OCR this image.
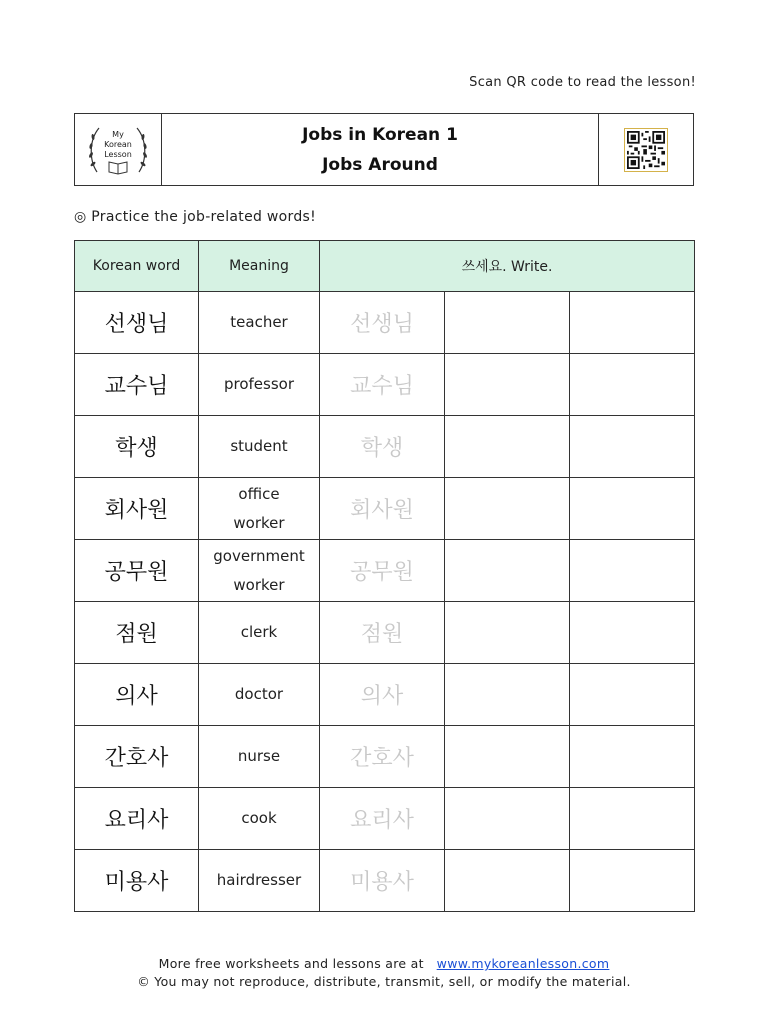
Scan QR code to read the lesson!
My
Korean
Lesson
Jobs in Korean 1
Jobs Around
◎ Practice the job-related words!
Korean word	Meaning	쓰세요. Write.		
선생님	teacher	선생님		
교수님	professor	교수님		
학생	student	학생		
회사원	office worker	회사원		
공무원	government worker	공무원		
점원	clerk	점원		
의사	doctor	의사		
간호사	nurse	간호사		
요리사	cook	요리사		
미용사	hairdresser	미용사		
More free worksheets and lessons are at www.mykoreanlesson.com
© You may not reproduce, distribute, transmit, sell, or modify the material.
